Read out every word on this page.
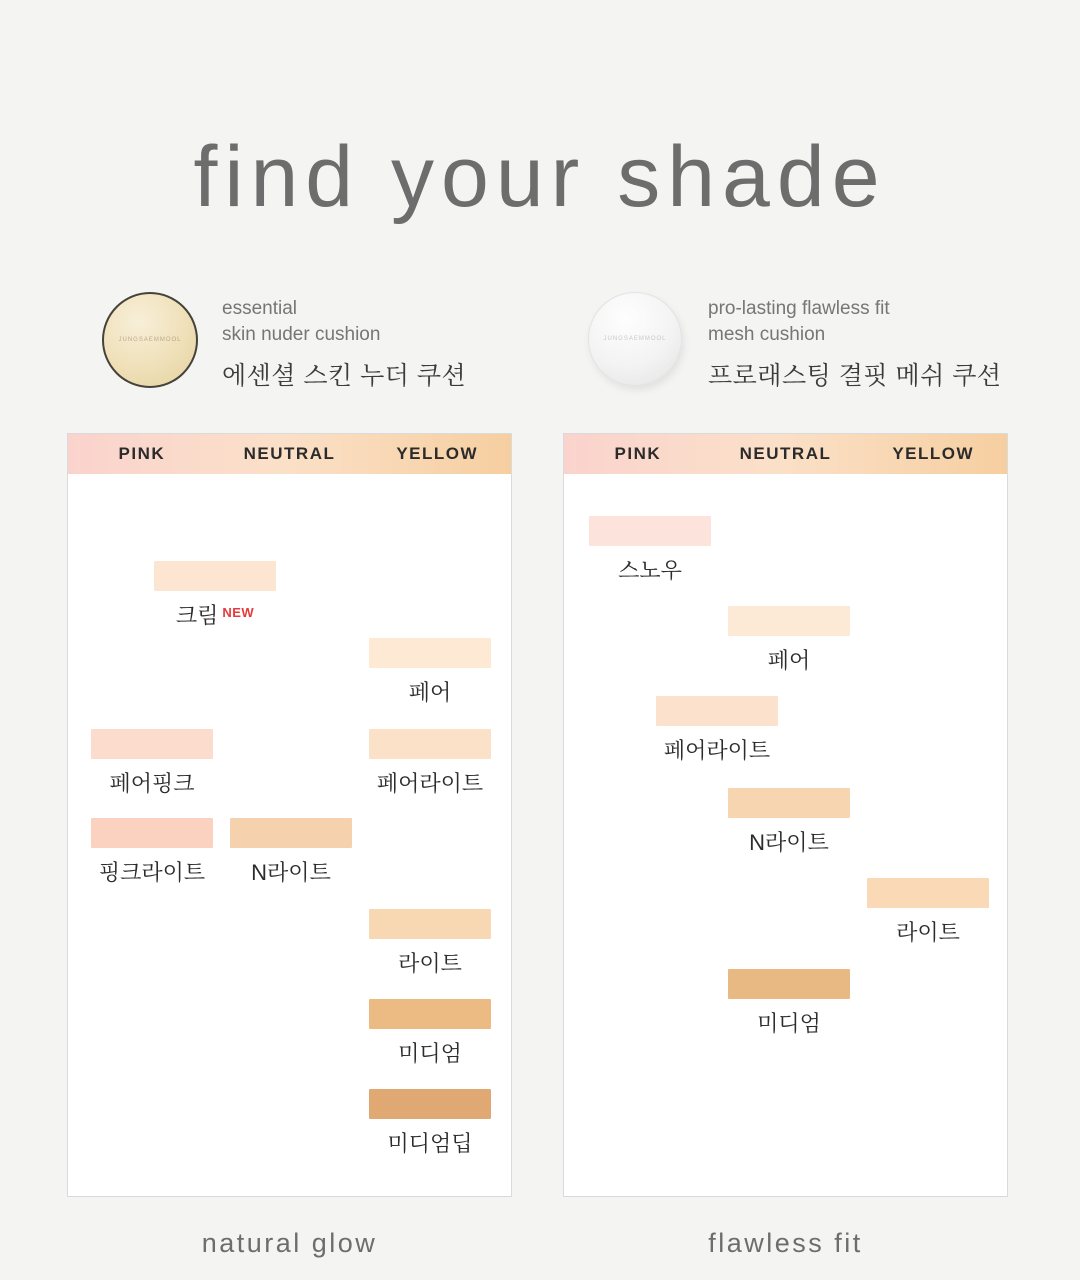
find your shade
JUNGSAEMMOOL
essential
skin nuder cushion
에센셜 스킨 누더 쿠션
JUNGSAEMMOOL
pro-lasting flawless fit
mesh cushion
프로래스팅 결핏 메쉬 쿠션
PINK	NEUTRAL	YELLOW
크림 $^{NEW}$
페어
페어핑크	페어라이트
핑크라이트	N라이트
라이트
미디엄
미디엄딥
PINK	NEUTRAL	YELLOW
스노우
페어
페어라이트
N라이트
라이트
미디엄
natural glow	flawless fit
